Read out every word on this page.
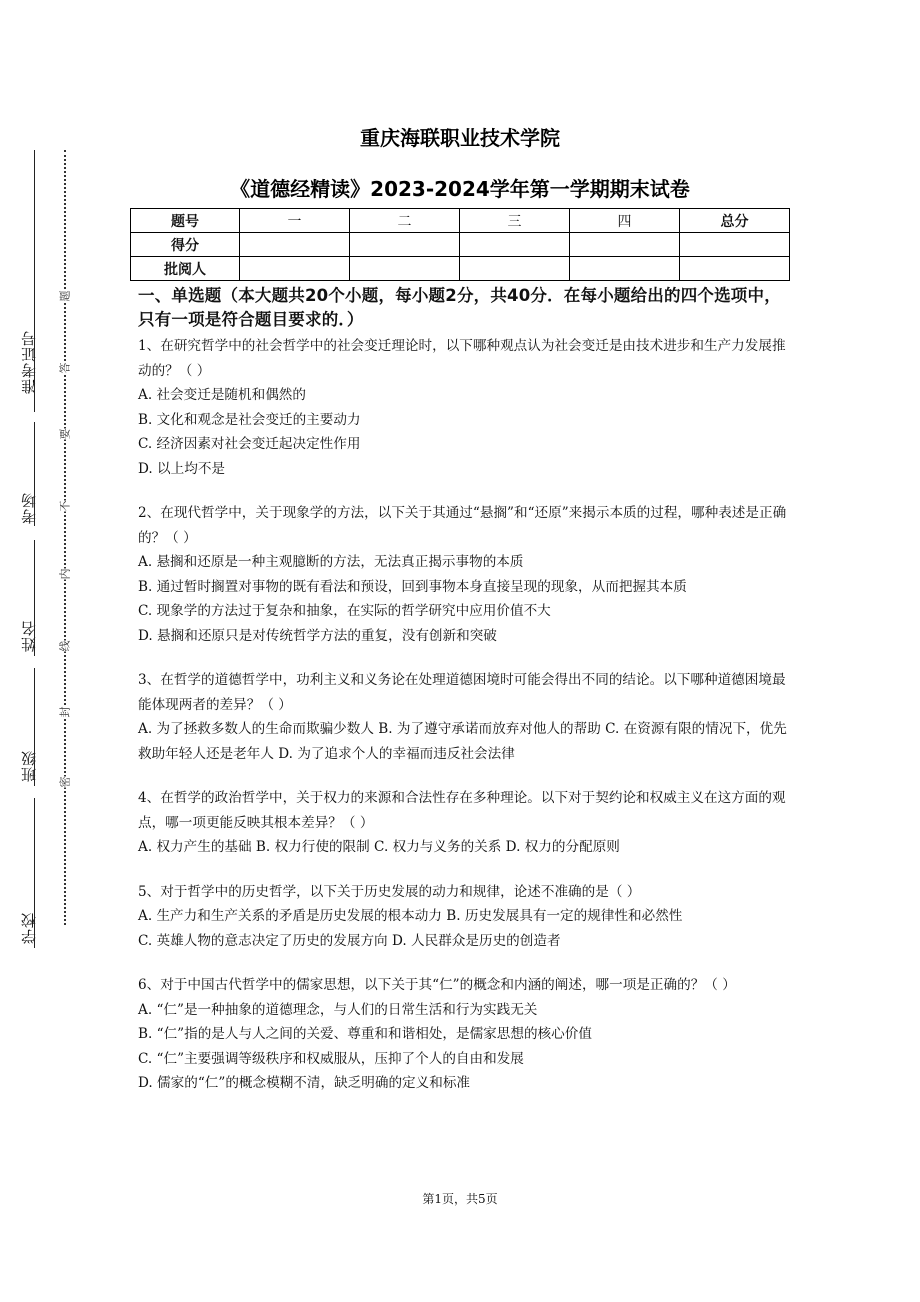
准考证号
考场
姓名
班级
学校
题
答
要
不
内
线
封
密
重庆海联职业技术学院
《道德经精读》2023-2024学年第一学期期末试卷
题号	一	二	三	四	总分
得分					
批阅人					
一、单选题（本大题共20个小题，每小题2分，共40分．在每小题给出的四个选项中，只有一项是符合题目要求的．）

1、在研究哲学中的社会哲学中的社会变迁理论时，以下哪种观点认为社会变迁是由技术进步和生产力发展推动的？（ ）

A. 社会变迁是随机和偶然的

B. 文化和观念是社会变迁的主要动力

C. 经济因素对社会变迁起决定性作用

D. 以上均不是

2、在现代哲学中，关于现象学的方法，以下关于其通过“悬搁”和“还原”来揭示本质的过程，哪种表述是正确的？（ ）

A. 悬搁和还原是一种主观臆断的方法，无法真正揭示事物的本质

B. 通过暂时搁置对事物的既有看法和预设，回到事物本身直接呈现的现象，从而把握其本质

C. 现象学的方法过于复杂和抽象，在实际的哲学研究中应用价值不大

D. 悬搁和还原只是对传统哲学方法的重复，没有创新和突破

3、在哲学的道德哲学中，功利主义和义务论在处理道德困境时可能会得出不同的结论。以下哪种道德困境最能体现两者的差异？（ ）

A. 为了拯救多数人的生命而欺骗少数人 B. 为了遵守承诺而放弃对他人的帮助 C. 在资源有限的情况下，优先救助年轻人还是老年人 D. 为了追求个人的幸福而违反社会法律

4、在哲学的政治哲学中，关于权力的来源和合法性存在多种理论。以下对于契约论和权威主义在这方面的观点，哪一项更能反映其根本差异？（ ）

A. 权力产生的基础 B. 权力行使的限制 C. 权力与义务的关系 D. 权力的分配原则

5、对于哲学中的历史哲学，以下关于历史发展的动力和规律，论述不准确的是（ ）

A. 生产力和生产关系的矛盾是历史发展的根本动力 B. 历史发展具有一定的规律性和必然性

C. 英雄人物的意志决定了历史的发展方向 D. 人民群众是历史的创造者

6、对于中国古代哲学中的儒家思想，以下关于其“仁”的概念和内涵的阐述，哪一项是正确的？（ ）

A. “仁”是一种抽象的道德理念，与人们的日常生活和行为实践无关

B. “仁”指的是人与人之间的关爱、尊重和和谐相处，是儒家思想的核心价值

C. “仁”主要强调等级秩序和权威服从，压抑了个人的自由和发展

D. 儒家的“仁”的概念模糊不清，缺乏明确的定义和标准

第1页，共5页
